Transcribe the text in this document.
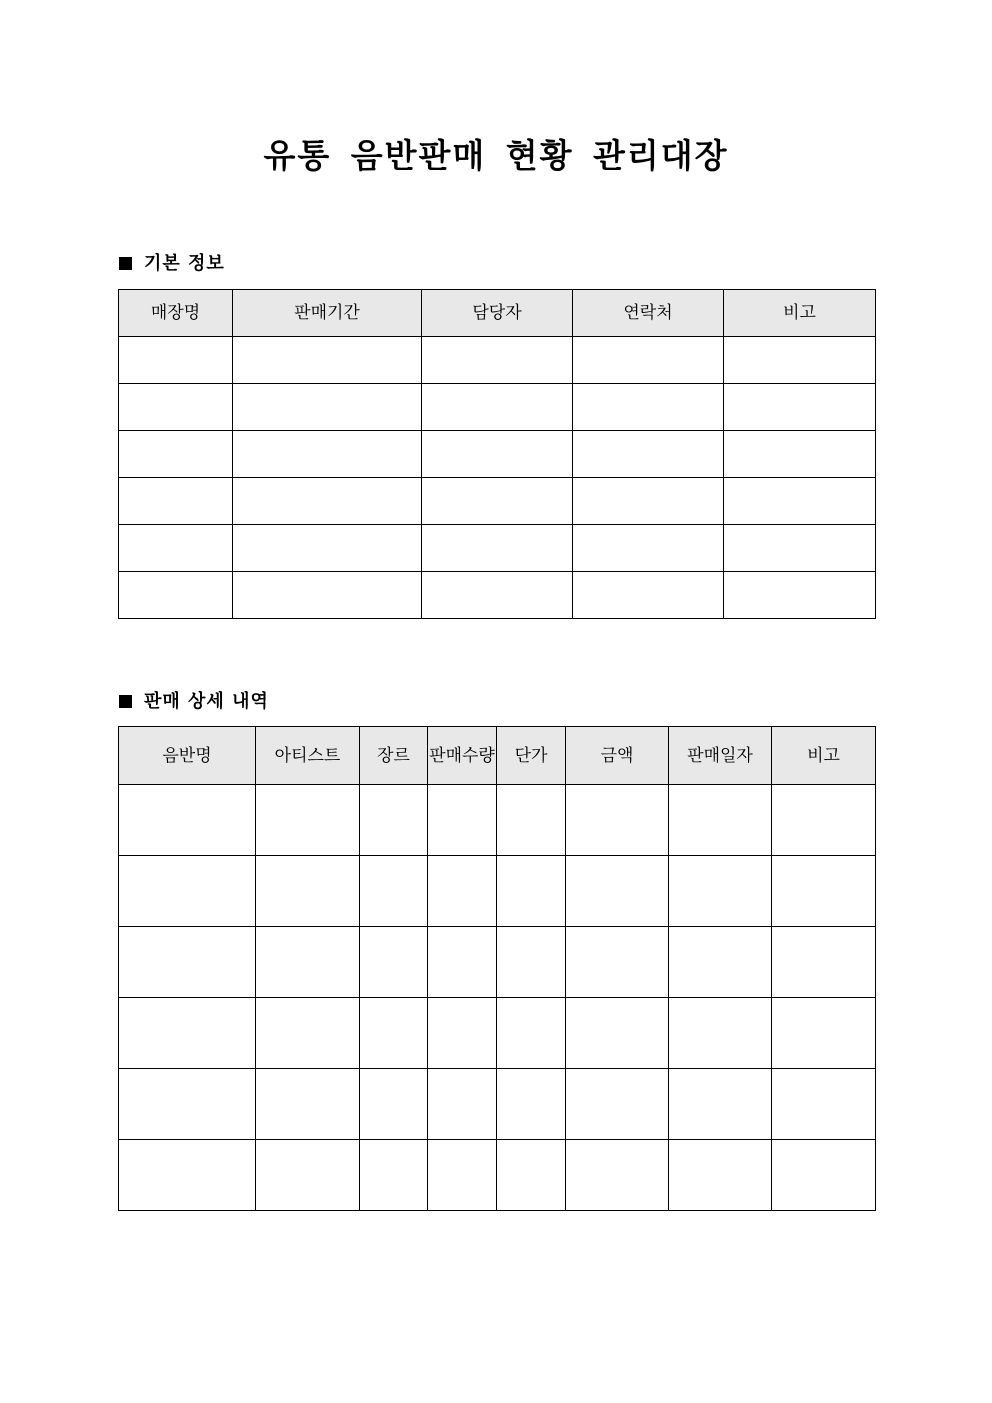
유통 음반판매 현황 관리대장
기본 정보
매장명	판매기간	담당자	연락처	비고

판매 상세 내역
음반명	아티스트	장르	판매수량	단가	금액	판매일자	비고
